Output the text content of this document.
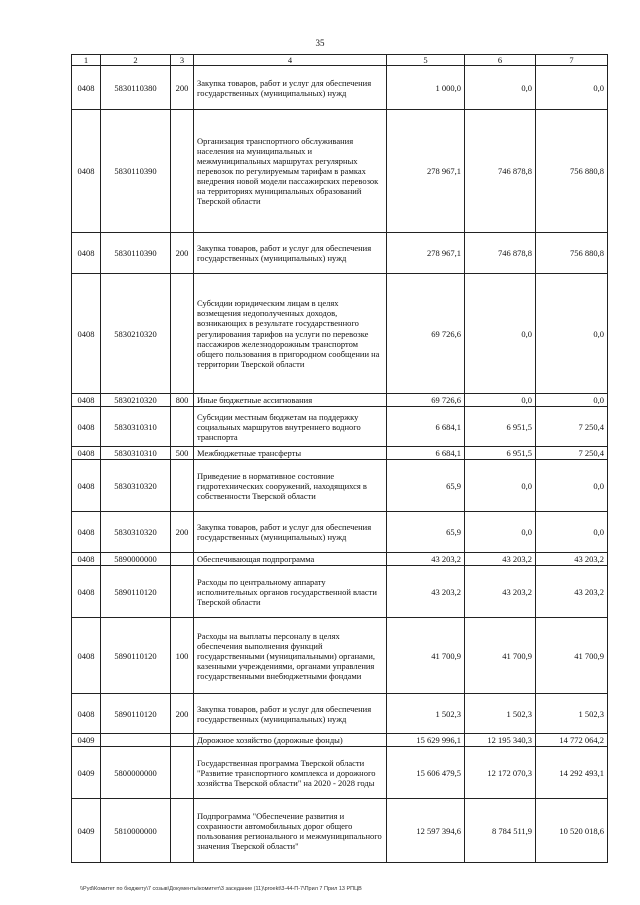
35
1	2	3	4	5	6	7
0408	5830110380	200	Закупка товаров, работ и услуг для обеспечения государственных (муниципальных) нужд	1 000,0	0,0	0,0
0408	5830110390		Организация транспортного обслуживания населения на муниципальных и межмуниципальных маршрутах регулярных перевозок по регулируемым тарифам в рамках внедрения новой модели пассажирских перевозок на территориях муниципальных образований Тверской области	278 967,1	746 878,8	756 880,8
0408	5830110390	200	Закупка товаров, работ и услуг для обеспечения государственных (муниципальных) нужд	278 967,1	746 878,8	756 880,8
0408	5830210320		Субсидии юридическим лицам в целях возмещения недополученных доходов, возникающих в результате государственного регулирования тарифов на услуги по перевозке пассажиров железнодорожным транспортом общего пользования в пригородном сообщении на территории Тверской области	69 726,6	0,0	0,0
0408	5830210320	800	Иные бюджетные ассигнования	69 726,6	0,0	0,0
0408	5830310310		Субсидии местным бюджетам на поддержку социальных маршрутов внутреннего водного транспорта	6 684,1	6 951,5	7 250,4
0408	5830310310	500	Межбюджетные трансферты	6 684,1	6 951,5	7 250,4
0408	5830310320		Приведение в нормативное состояние гидротехнических сооружений, находящихся в собственности Тверской области	65,9	0,0	0,0
0408	5830310320	200	Закупка товаров, работ и услуг для обеспечения государственных (муниципальных) нужд	65,9	0,0	0,0
0408	5890000000		Обеспечивающая подпрограмма	43 203,2	43 203,2	43 203,2
0408	5890110120		Расходы по центральному аппарату исполнительных органов государственной власти Тверской области	43 203,2	43 203,2	43 203,2
0408	5890110120	100	Расходы на выплаты персоналу в целях обеспечения выполнения функций государственными (муниципальными) органами, казенными учреждениями, органами управления государственными внебюджетными фондами	41 700,9	41 700,9	41 700,9
0408	5890110120	200	Закупка товаров, работ и услуг для обеспечения государственных (муниципальных) нужд	1 502,3	1 502,3	1 502,3
0409			Дорожное хозяйство (дорожные фонды)	15 629 996,1	12 195 340,3	14 772 064,2
0409	5800000000		Государственная программа Тверской области "Развитие транспортного комплекса и дорожного хозяйства Тверской области" на 2020 - 2028 годы	15 606 479,5	12 172 070,3	14 292 493,1
0409	5810000000		Подпрограмма "Обеспечение развития и сохранности автомобильных дорог общего пользования регионального и межмуниципального значения Тверской области"	12 597 394,6	8 784 511,9	10 520 018,6
\\Pyd\Комитет по бюджету\7 созыв\Документы\комитет\3 заседание (11)\proekt\3-44-П-7\Прил 7 Прил 13 РПЦВ
